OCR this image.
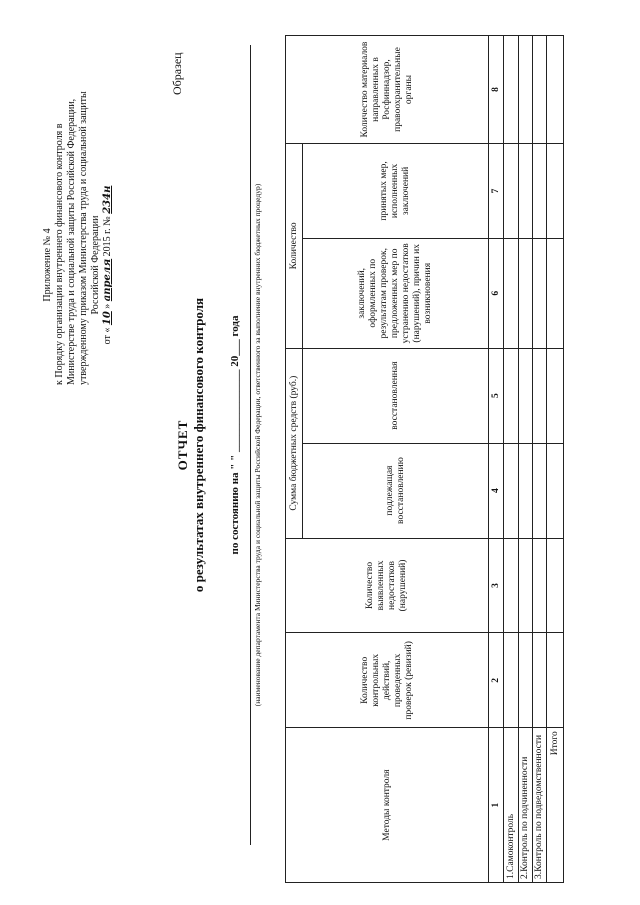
Приложение № 4 к Порядку организации внутреннего финансового контроля в Министерстве труда и социальной защиты Российской Федерации, утвержденному приказом Министерства труда и социальной защиты Российской Федерации
от « 10 » апреля 2015 г. № 234н
Образец
ОТЧЕТ о результатах внутреннего финансового контроля по состоянию на " " _______________ 20___ года (наименование департамента Министерства труда и социальной защиты Российской Федерации, ответственного за выполнение внутренних бюджетных процедур)
Методы контроля	Количество контрольных действий, проведенных проверок (ревизий)	Количество выявленных недостатков (нарушений)	Сумма бюджетных средств (руб.)		Количество		Количество материалов направленных в Росфиннадзор, правоохранительные органы
			подлежащая восстановлению	восстановленная	заключений, оформленных по результатам проверок, предложенных мер по устранению недостатков (нарушений), причин их возникновения	принятых мер, исполненных заключений	
1	2	3	4	5	6	7	8
1.Самоконтроль							
2.Контроль по подчиненности							
3.Контроль по подведомственности							
Итого							
